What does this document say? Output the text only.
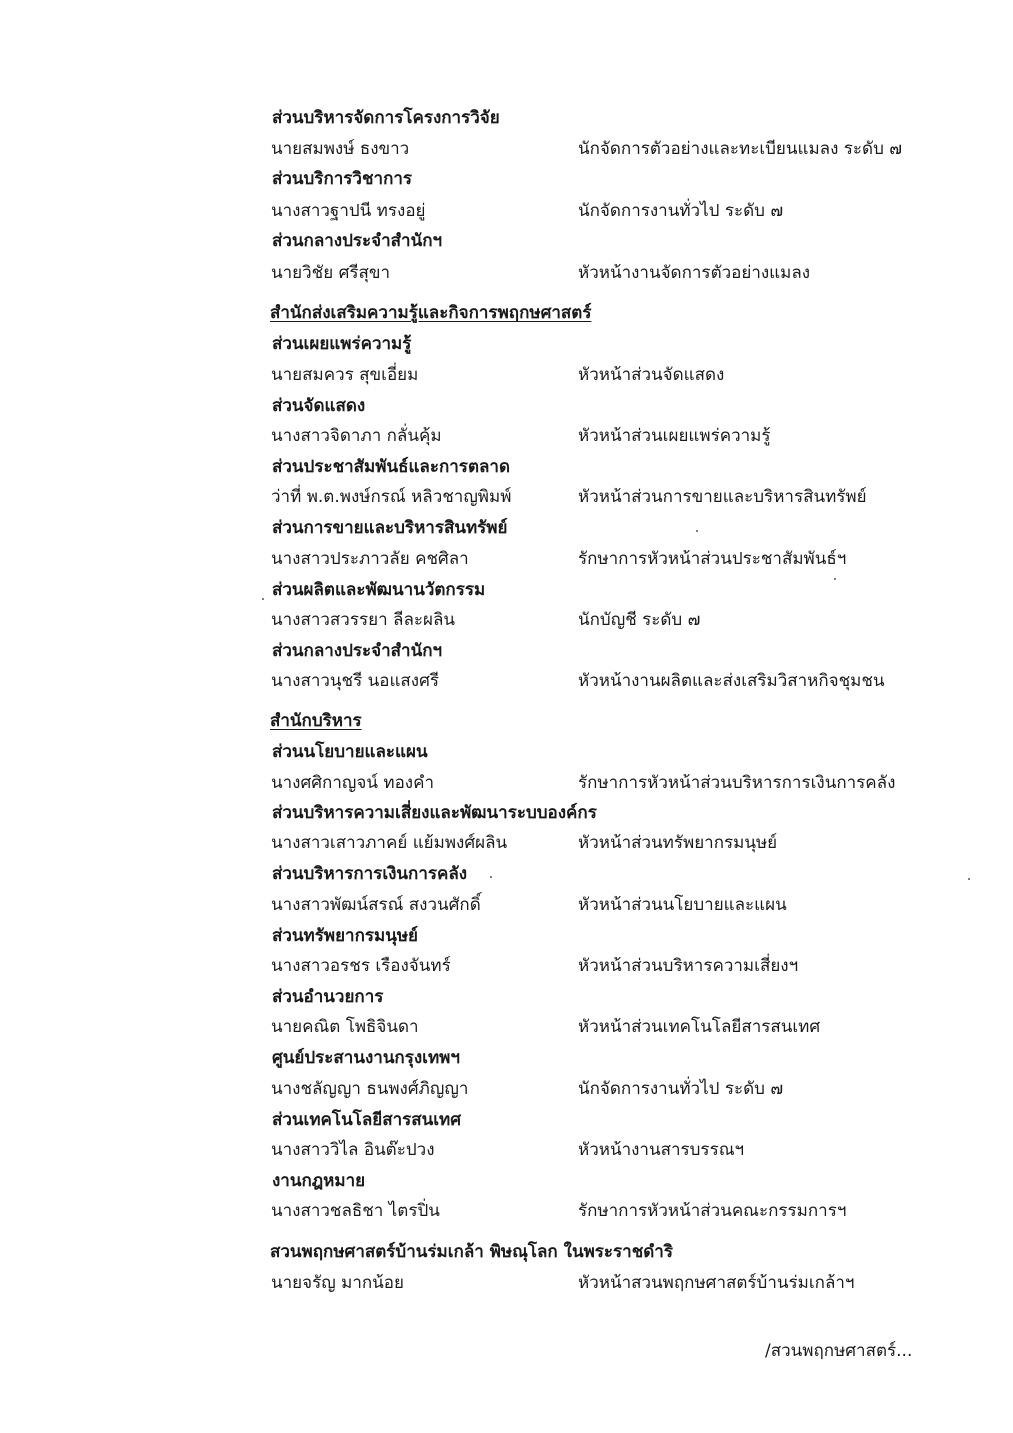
ส่วนบริหารจัดการโครงการวิจัย
นายสมพงษ์ ธงขาว	นักจัดการตัวอย่างและทะเบียนแมลง ระดับ ๗
ส่วนบริการวิชาการ
นางสาวฐาปนี ทรงอยู่	นักจัดการงานทั่วไป ระดับ ๗
ส่วนกลางประจำสำนักฯ
นายวิชัย ศรีสุขา	หัวหน้างานจัดการตัวอย่างแมลง
สำนักส่งเสริมความรู้และกิจการพฤกษศาสตร์
ส่วนเผยแพร่ความรู้
นายสมควร สุขเอี่ยม	หัวหน้าส่วนจัดแสดง
ส่วนจัดแสดง
นางสาวจิดาภา กลั่นคุ้ม	หัวหน้าส่วนเผยแพร่ความรู้
ส่วนประชาสัมพันธ์และการตลาด
ว่าที่ พ.ต.พงษ์กรณ์ หลิวชาญพิมพ์	หัวหน้าส่วนการขายและบริหารสินทรัพย์
ส่วนการขายและบริหารสินทรัพย์
นางสาวประภาวลัย คชศิลา	รักษาการหัวหน้าส่วนประชาสัมพันธ์ฯ
ส่วนผลิตและพัฒนานวัตกรรม
นางสาวสวรรยา ลีละผลิน	นักบัญชี ระดับ ๗
ส่วนกลางประจำสำนักฯ
นางสาวนุชรี นอแสงศรี	หัวหน้างานผลิตและส่งเสริมวิสาหกิจชุมชน
สำนักบริหาร
ส่วนนโยบายและแผน
นางศศิกาญจน์ ทองคำ	รักษาการหัวหน้าส่วนบริหารการเงินการคลัง
ส่วนบริหารความเสี่ยงและพัฒนาระบบองค์กร
นางสาวเสาวภาคย์ แย้มพงศ์ผลิน	หัวหน้าส่วนทรัพยากรมนุษย์
ส่วนบริหารการเงินการคลัง
นางสาวพัฒน์สรณ์ สงวนศักดิ์	หัวหน้าส่วนนโยบายและแผน
ส่วนทรัพยากรมนุษย์
นางสาวอรชร เรืองจันทร์	หัวหน้าส่วนบริหารความเสี่ยงฯ
ส่วนอำนวยการ
นายคณิต โพธิจินดา	หัวหน้าส่วนเทคโนโลยีสารสนเทศ
ศูนย์ประสานงานกรุงเทพฯ
นางชลัญญา ธนพงศ์ภิญญา	นักจัดการงานทั่วไป ระดับ ๗
ส่วนเทคโนโลยีสารสนเทศ
นางสาววิไล อินต๊ะปวง	หัวหน้างานสารบรรณฯ
งานกฎหมาย
นางสาวชลธิชา ไตรปิ่น	รักษาการหัวหน้าส่วนคณะกรรมการฯ
สวนพฤกษศาสตร์บ้านร่มเกล้า พิษณุโลก ในพระราชดำริ
นายจรัญ มากน้อย	หัวหน้าสวนพฤกษศาสตร์บ้านร่มเกล้าฯ
/สวนพฤกษศาสตร์...
